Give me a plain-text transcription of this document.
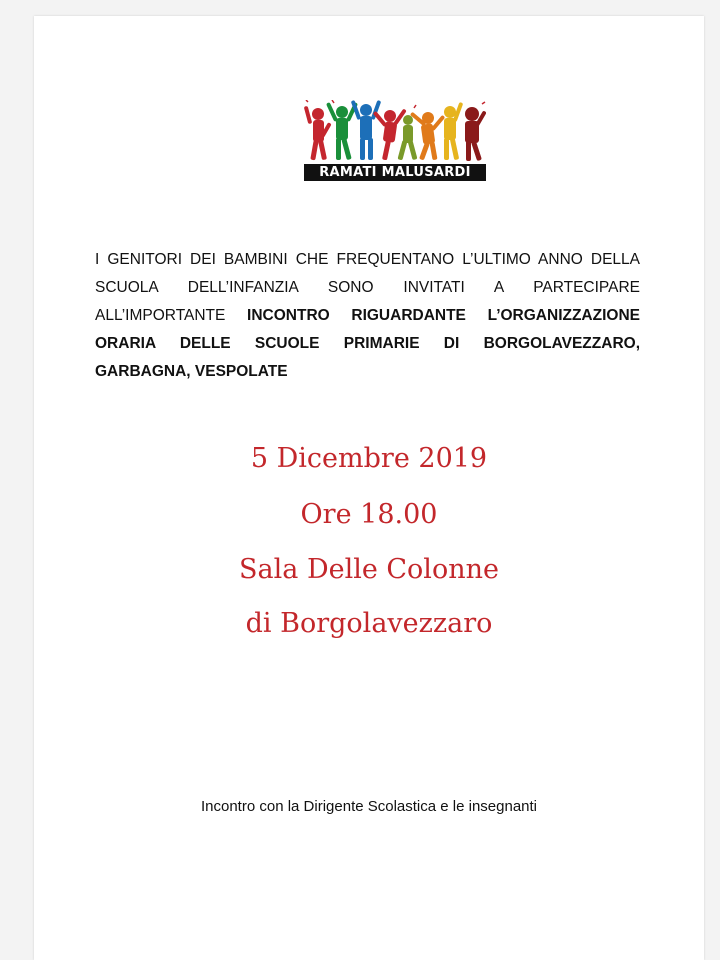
RAMATI MALUSARDI
I GENITORI DEI BAMBINI CHE FREQUENTANO L’ULTIMO ANNO DELLA SCUOLA DELL’INFANZIA SONO INVITATI A PARTECIPARE ALL’IMPORTANTE INCONTRO RIGUARDANTE L’ORGANIZZAZIONE ORARIA DELLE SCUOLE PRIMARIE DI BORGOLAVEZZARO, GARBAGNA, VESPOLATE
5 Dicembre 2019
Ore 18.00
Sala Delle Colonne
di Borgolavezzaro
Incontro con la Dirigente Scolastica e le insegnanti
